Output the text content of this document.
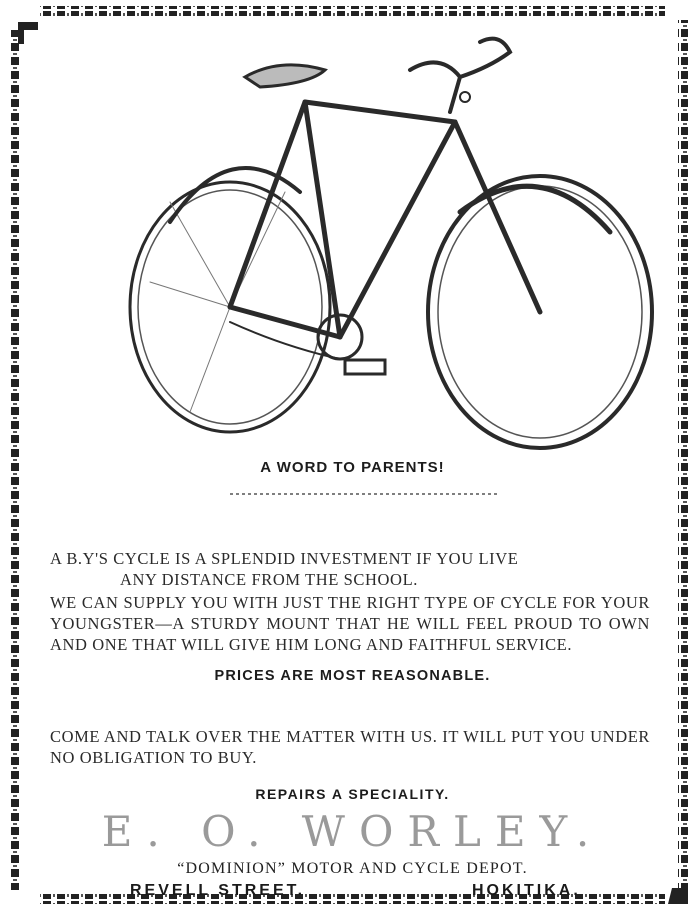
A WORD TO PARENTS!
A B.Y'S CYCLE IS A SPLENDID INVESTMENT IF YOU LIVE
ANY DISTANCE FROM THE SCHOOL.
WE CAN SUPPLY YOU WITH JUST THE RIGHT TYPE OF CYCLE FOR YOUR YOUNGSTER—A STURDY MOUNT THAT HE WILL FEEL PROUD TO OWN AND ONE THAT WILL GIVE HIM LONG AND FAITHFUL SERVICE.
PRICES ARE MOST REASONABLE.
COME AND TALK OVER THE MATTER WITH US. IT WILL PUT YOU UNDER NO OBLIGATION TO BUY.
REPAIRS A SPECIALITY.
E. O. WORLEY.
“DOMINION” MOTOR AND CYCLE DEPOT.
REVELL STREET.	HOKITIKA.
